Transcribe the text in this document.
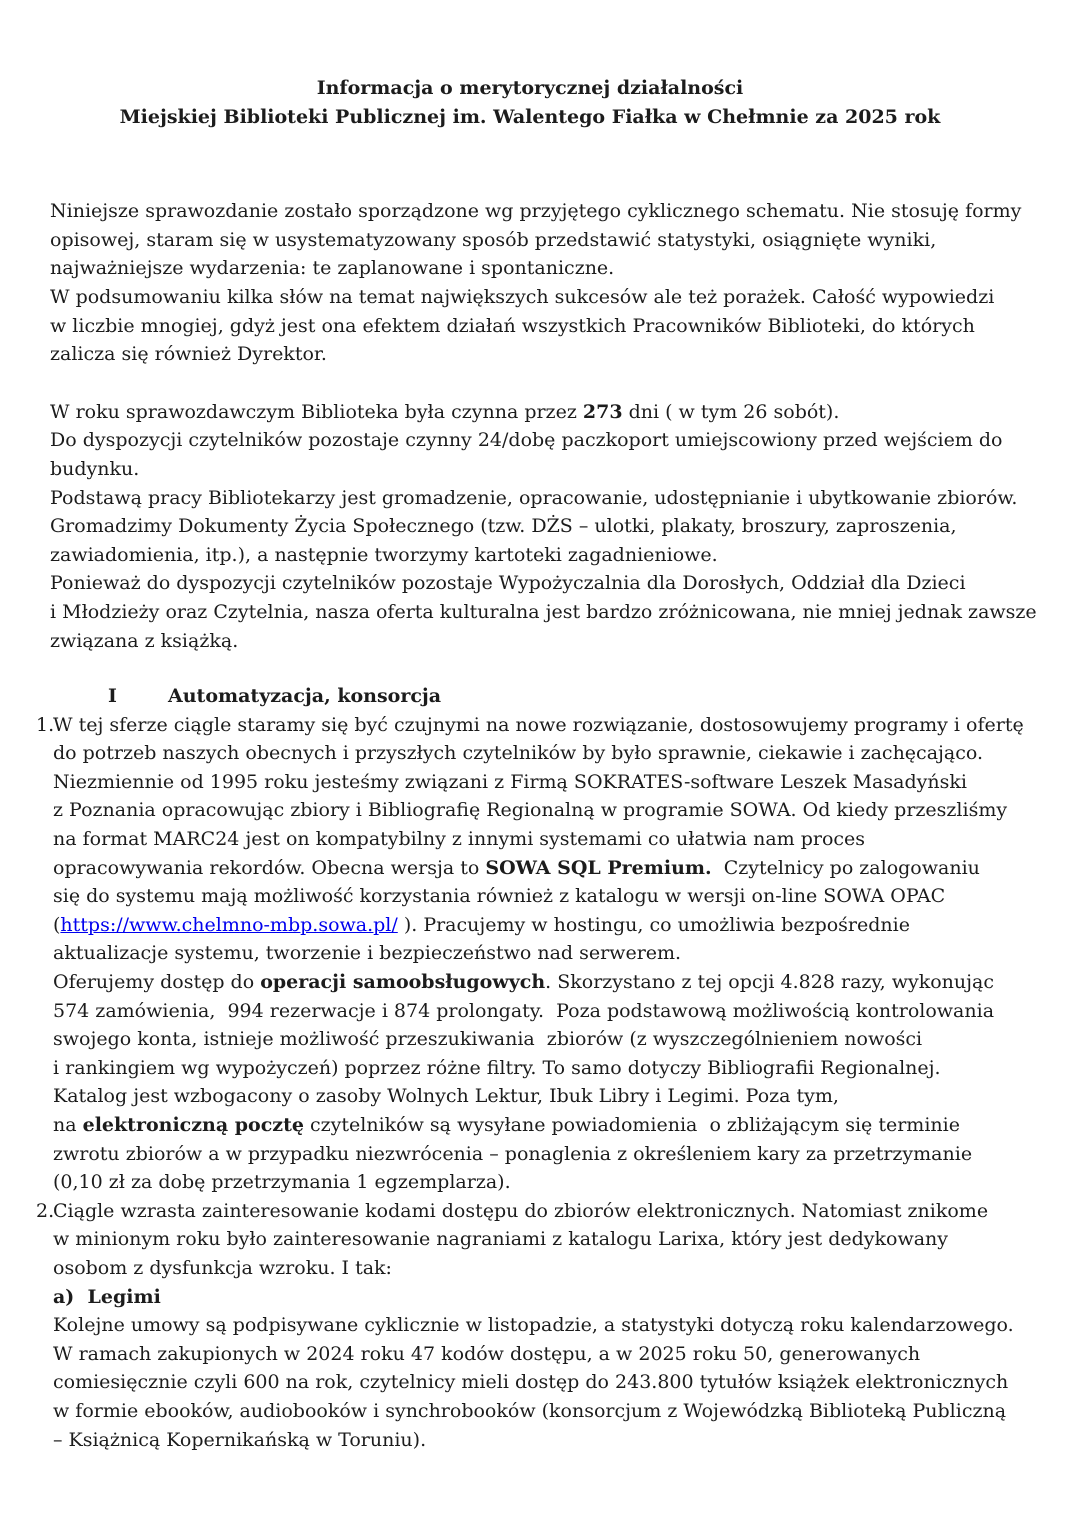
Informacja o merytorycznej działalności
Miejskiej Biblioteki Publicznej im. Walentego Fiałka w Chełmnie za 2025 rok
Niniejsze sprawozdanie zostało sporządzone wg przyjętego cyklicznego schematu. Nie stosuję formy
opisowej, staram się w usystematyzowany sposób przedstawić statystyki, osiągnięte wyniki,
najważniejsze wydarzenia: te zaplanowane i spontaniczne.
W podsumowaniu kilka słów na temat największych sukcesów ale też porażek. Całość wypowiedzi
w liczbie mnogiej, gdyż jest ona efektem działań wszystkich Pracowników Biblioteki, do których
zalicza się również Dyrektor.
W roku sprawozdawczym Biblioteka była czynna przez 273 dni ( w tym 26 sobót).
Do dyspozycji czytelników pozostaje czynny 24/dobę paczkoport umiejscowiony przed wejściem do
budynku.
Podstawą pracy Bibliotekarzy jest gromadzenie, opracowanie, udostępnianie i ubytkowanie zbiorów.
Gromadzimy Dokumenty Życia Społecznego (tzw. DŻS – ulotki, plakaty, broszury, zaproszenia,
zawiadomienia, itp.), a następnie tworzymy kartoteki zagadnieniowe.
Ponieważ do dyspozycji czytelników pozostaje Wypożyczalnia dla Dorosłych, Oddział dla Dzieci
i Młodzieży oraz Czytelnia, nasza oferta kulturalna jest bardzo zróżnicowana, nie mniej jednak zawsze
związana z książką.
I	Automatyzacja, konsorcja
1.
W tej sferze ciągle staramy się być czujnymi na nowe rozwiązanie, dostosowujemy programy i ofertę
do potrzeb naszych obecnych i przyszłych czytelników by było sprawnie, ciekawie i zachęcająco.
Niezmiennie od 1995 roku jesteśmy związani z Firmą SOKRATES-software Leszek Masadyński
z Poznania opracowując zbiory i Bibliografię Regionalną w programie SOWA. Od kiedy przeszliśmy
na format MARC24 jest on kompatybilny z innymi systemami co ułatwia nam proces
opracowywania rekordów. Obecna wersja to SOWA SQL Premium.  Czytelnicy po zalogowaniu
się do systemu mają możliwość korzystania również z katalogu w wersji on-line SOWA OPAC
(https://www.chelmno-mbp.sowa.pl/ ). Pracujemy w hostingu, co umożliwia bezpośrednie
aktualizacje systemu, tworzenie i bezpieczeństwo nad serwerem.
Oferujemy dostęp do operacji samoobsługowych. Skorzystano z tej opcji 4.828 razy, wykonując
574 zamówienia,  994 rezerwacje i 874 prolongaty.  Poza podstawową możliwością kontrolowania
swojego konta, istnieje możliwość przeszukiwania  zbiorów (z wyszczególnieniem nowości
i rankingiem wg wypożyczeń) poprzez różne filtry. To samo dotyczy Bibliografii Regionalnej.
Katalog jest wzbogacony o zasoby Wolnych Lektur, Ibuk Libry i Legimi. Poza tym,
na elektroniczną pocztę czytelników są wysyłane powiadomienia  o zbliżającym się terminie
zwrotu zbiorów a w przypadku niezwrócenia – ponaglenia z określeniem kary za przetrzymanie
(0,10 zł za dobę przetrzymania 1 egzemplarza).
2.
Ciągle wzrasta zainteresowanie kodami dostępu do zbiorów elektronicznych. Natomiast znikome
w minionym roku było zainteresowanie nagraniami z katalogu Larixa, który jest dedykowany
osobom z dysfunkcja wzroku. I tak:
a)  Legimi
Kolejne umowy są podpisywane cyklicznie w listopadzie, a statystyki dotyczą roku kalendarzowego.
W ramach zakupionych w 2024 roku 47 kodów dostępu, a w 2025 roku 50, generowanych
comiesięcznie czyli 600 na rok, czytelnicy mieli dostęp do 243.800 tytułów książek elektronicznych
w formie ebooków, audiobooków i synchrobooków (konsorcjum z Wojewódzką Biblioteką Publiczną
– Książnicą Kopernikańską w Toruniu).
